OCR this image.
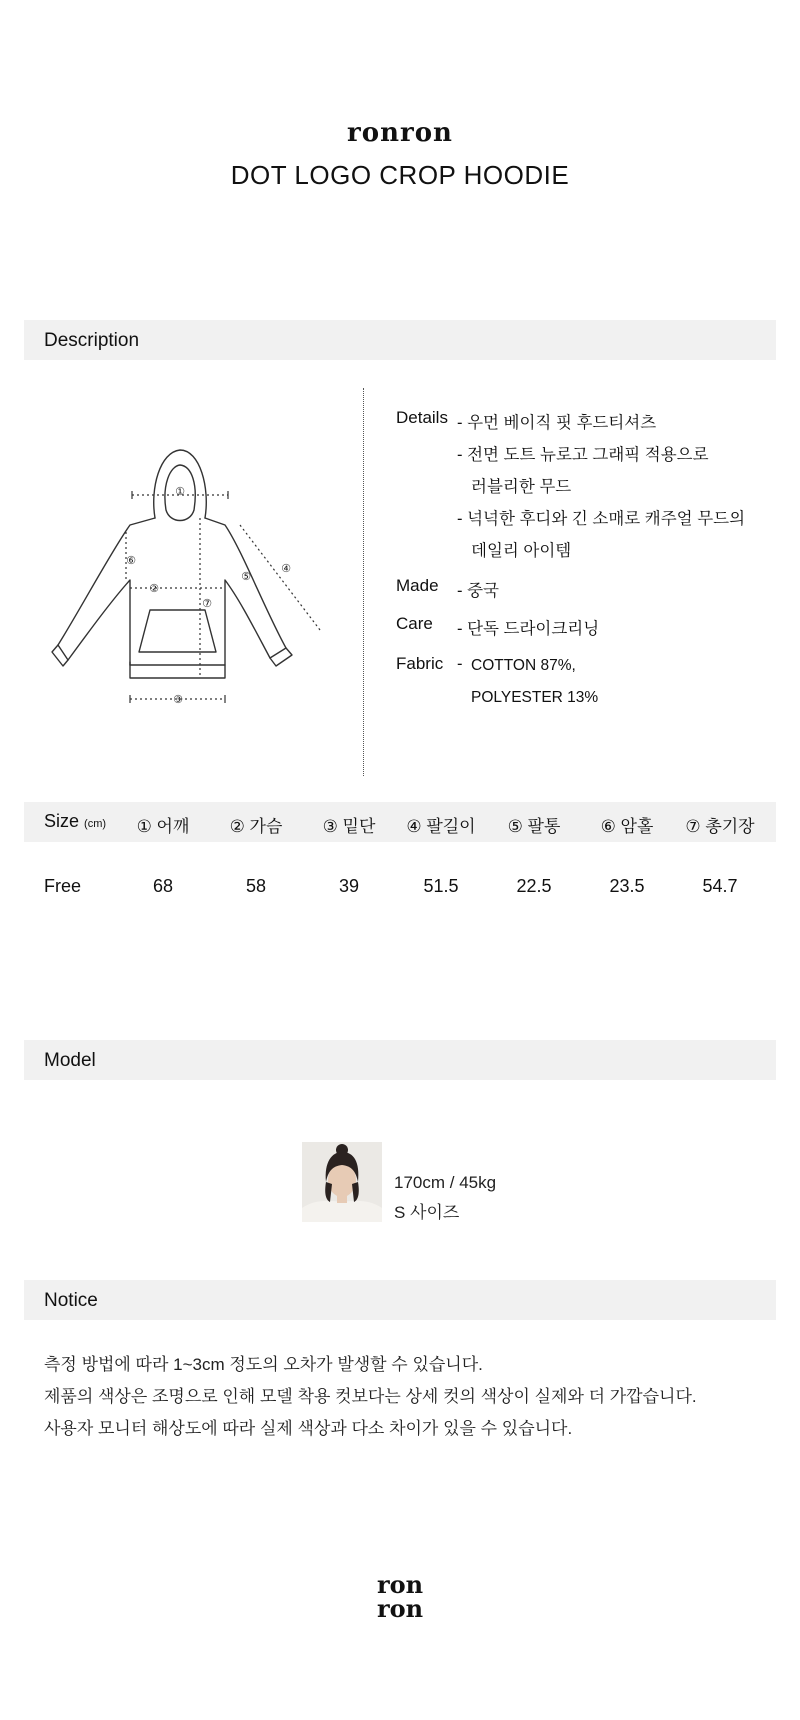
ronron
DOT LOGO CROP HOODIE
Description
①
②
③
④
⑤
⑥
⑦
Details - 우먼 베이직 핏 후드티셔츠
- 전면 도트 뉴로고 그래픽 적용으로
러블리한 무드
- 넉넉한 후디와 긴 소매로 캐주얼 무드의
데일리 아이템
Made - 중국
Care - 단독 드라이크리닝
Fabric - COTTON 87%,
POLYESTER 13%
Size (cm)	① 어깨	② 가슴	③ 밑단	④ 팔길이	⑤ 팔통	⑥ 암홀	⑦ 총기장
Free	68	58	39	51.5	22.5	23.5	54.7
Model
170cm / 45kg
S 사이즈
Notice
측정 방법에 따라 1~3cm 정도의 오차가 발생할 수 있습니다.
제품의 색상은 조명으로 인해 모델 착용 컷보다는 상세 컷의 색상이 실제와 더 가깝습니다.
사용자 모니터 해상도에 따라 실제 색상과 다소 차이가 있을 수 있습니다.
ron
ron
